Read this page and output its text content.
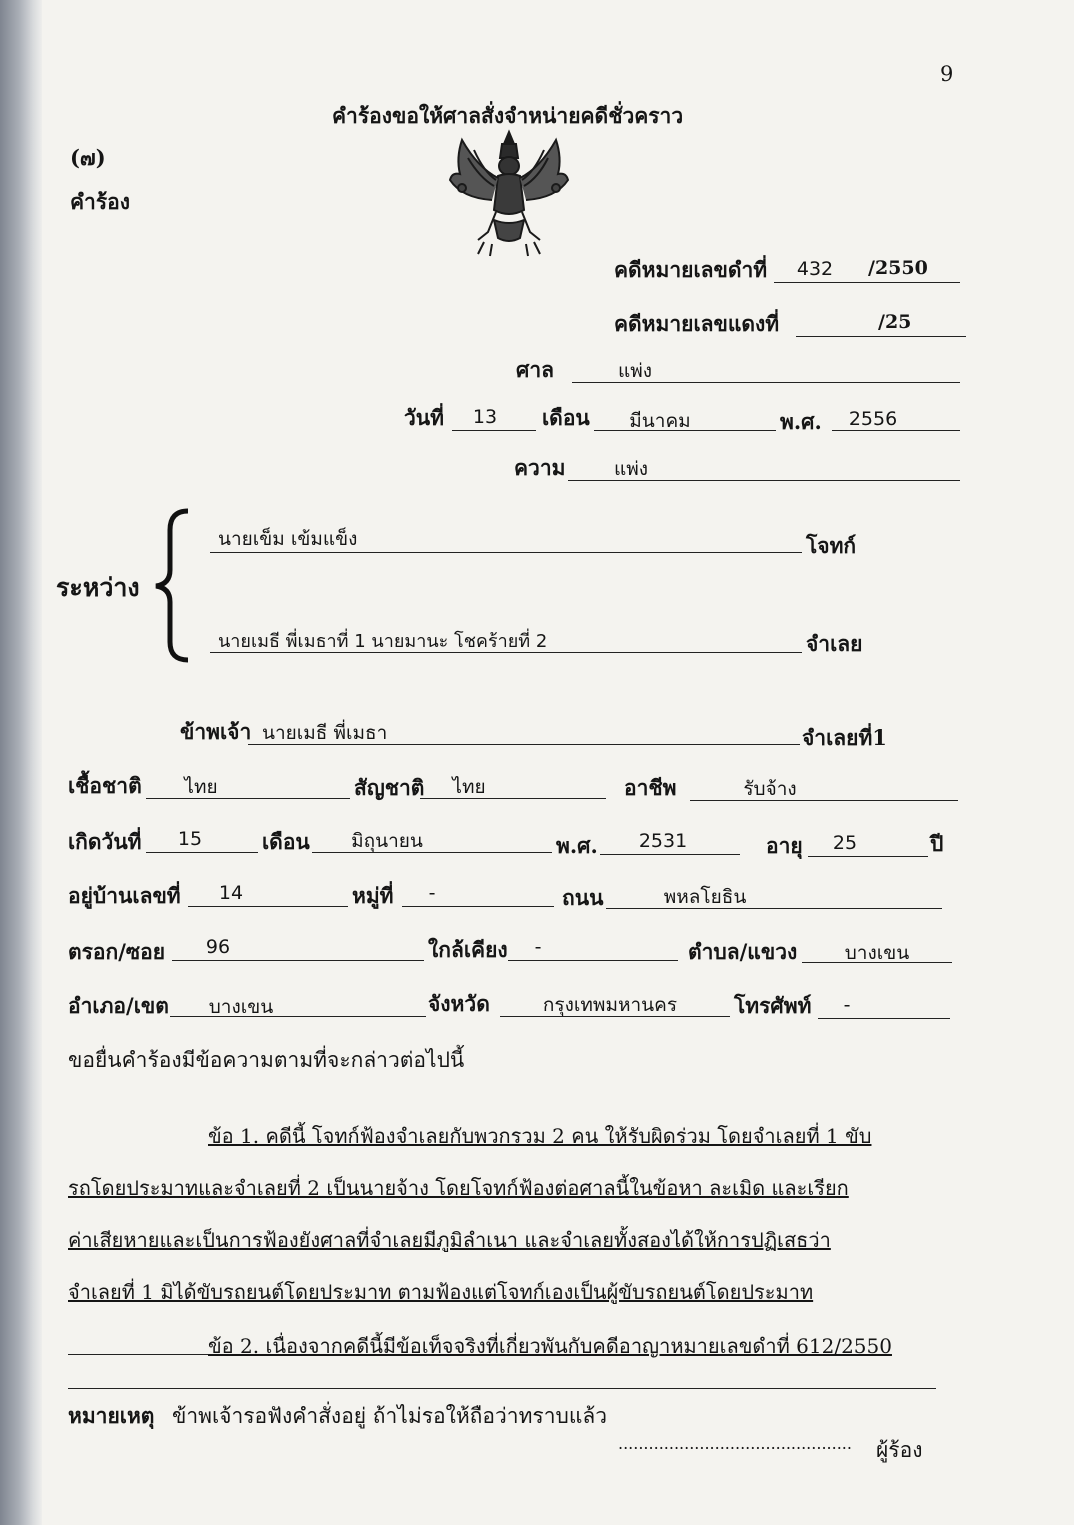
9
คำร้องขอให้ศาลสั่งจำหน่ายคดีชั่วคราว
(๗)
คำร้อง
คดีหมายเลขดำที่	432	/2550
คดีหมายเลขแดงที่	/25
ศาล	แพ่ง
วันที่	13	เดือน	มีนาคม	พ.ศ.	2556
ความ	แพ่ง
ระหว่าง
นายเข็ม เข้มแข็ง	โจทก์
นายเมธี พี่เมธาที่ 1 นายมานะ โชคร้ายที่ 2	จำเลย
ข้าพเจ้า นายเมธี พี่เมธา	จำเลยที่1
เชื้อชาติ	ไทย	สัญชาติ	ไทย	อาชีพ	รับจ้าง
เกิดวันที่	15	เดือน	มิถุนายน	พ.ศ.	2531	อายุ	25	ปี
อยู่บ้านเลขที่	14	หมู่ที่	-	ถนน	พหลโยธิน
ตรอก/ซอย	96	ใกล้เคียง	-	ตำบล/แขวง	บางเขน
อำเภอ/เขต	บางเขน	จังหวัด	กรุงเทพมหานคร	โทรศัพท์	-
ขอยื่นคำร้องมีข้อความตามที่จะกล่าวต่อไปนี้
ข้อ 1. คดีนี้ โจทก์ฟ้องจำเลยกับพวกรวม 2 คน ให้รับผิดร่วม โดยจำเลยที่ 1 ขับ
รถโดยประมาทและจำเลยที่ 2 เป็นนายจ้าง โดยโจทก์ฟ้องต่อศาลนี้ในข้อหา ละเมิด และเรียก
ค่าเสียหายและเป็นการฟ้องยังศาลที่จำเลยมีภูมิลำเนา และจำเลยทั้งสองได้ให้การปฏิเสธว่า
จำเลยที่ 1 มิได้ขับรถยนต์โดยประมาท ตามฟ้องแต่โจทก์เองเป็นผู้ขับรถยนต์โดยประมาท
ข้อ 2. เนื่องจากคดีนี้มีข้อเท็จจริงที่เกี่ยวพันกับคดีอาญาหมายเลขดำที่ 612/2550
หมายเหตุ ข้าพเจ้ารอฟังคำสั่งอยู่ ถ้าไม่รอให้ถือว่าทราบแล้ว
.............................................. ผู้ร้อง
